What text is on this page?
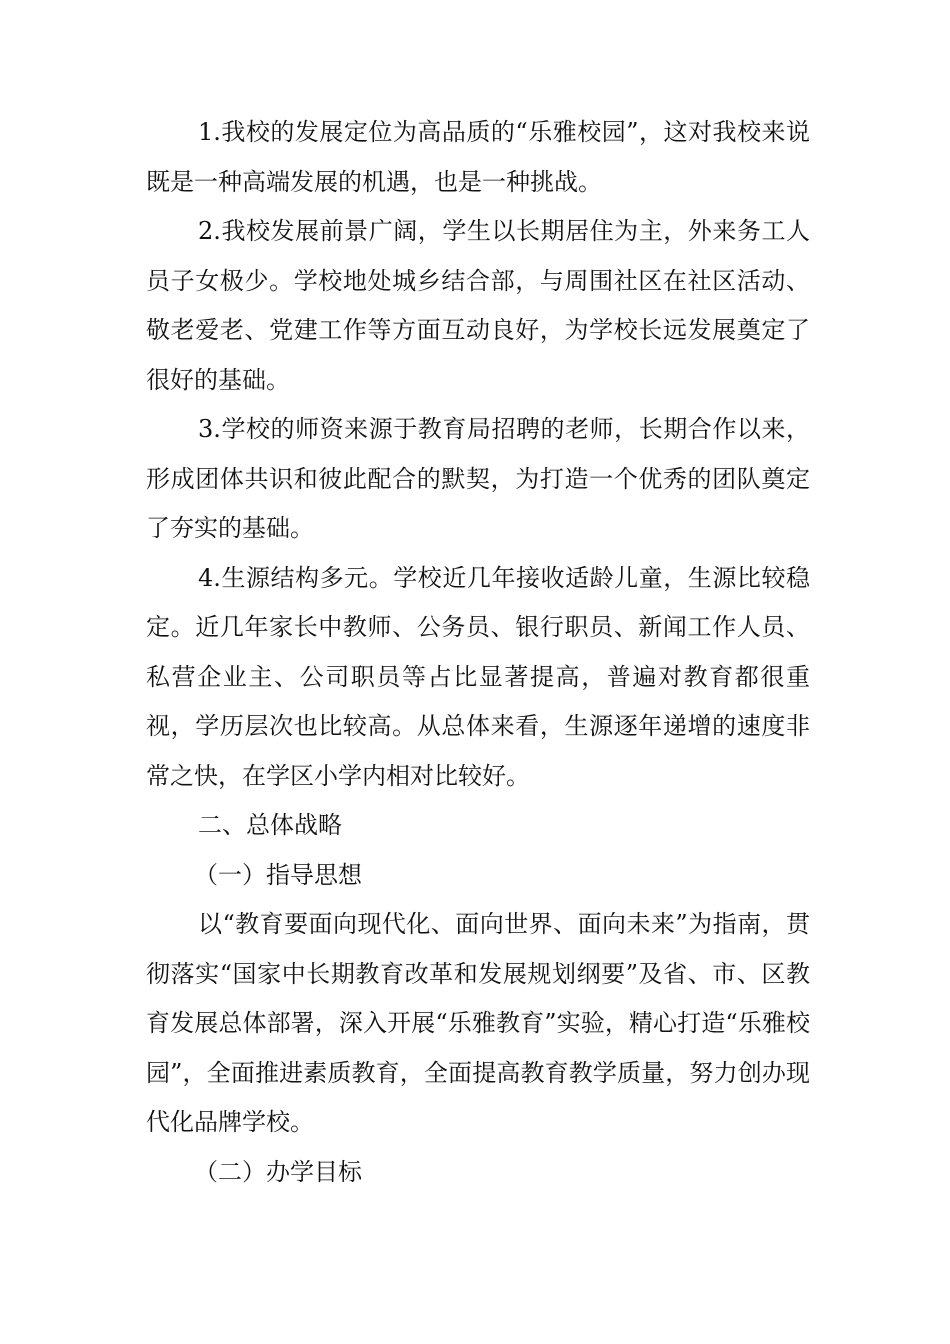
1.我校的发展定位为高品质的“乐雅校园”，这对我校来说既是一种高端发展的机遇，也是一种挑战。

2.我校发展前景广阔，学生以长期居住为主，外来务工人员子女极少。学校地处城乡结合部，与周围社区在社区活动、敬老爱老、党建工作等方面互动良好，为学校长远发展奠定了很好的基础。

3.学校的师资来源于教育局招聘的老师，长期合作以来，形成团体共识和彼此配合的默契，为打造一个优秀的团队奠定了夯实的基础。

4.生源结构多元。学校近几年接收适龄儿童，生源比较稳定。近几年家长中教师、公务员、银行职员、新闻工作人员、私营企业主、公司职员等占比显著提高，普遍对教育都很重视，学历层次也比较高。从总体来看，生源逐年递增的速度非常之快，在学区小学内相对比较好。

二、总体战略

（一）指导思想

以“教育要面向现代化、面向世界、面向未来”为指南，贯彻落实“国家中长期教育改革和发展规划纲要”及省、市、区教育发展总体部署，深入开展“乐雅教育”实验，精心打造“乐雅校园”，全面推进素质教育，全面提高教育教学质量，努力创办现代化品牌学校。

（二）办学目标
